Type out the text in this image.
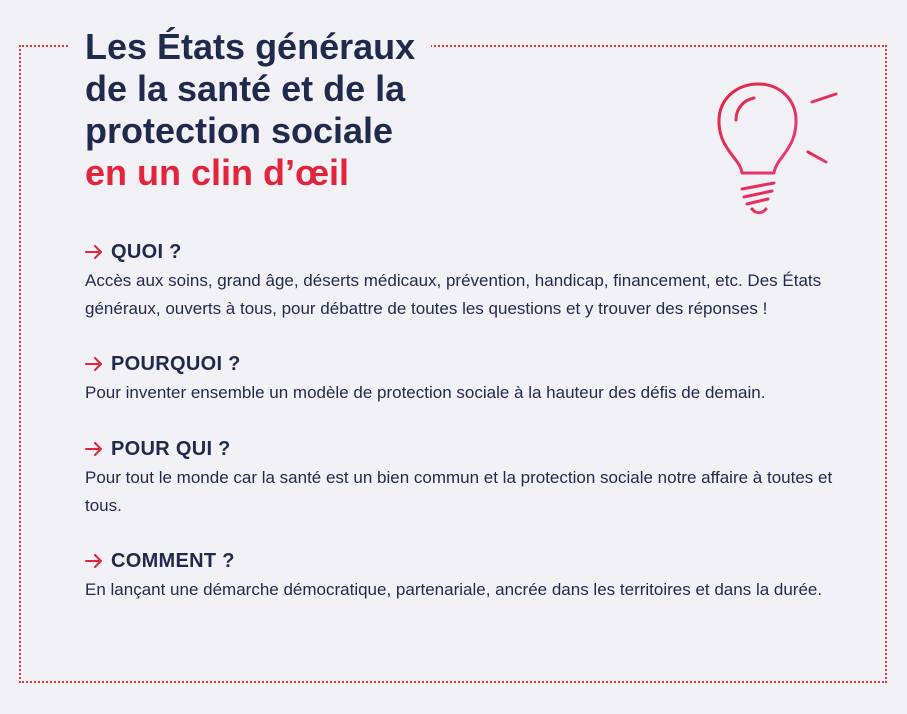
Les États généraux
de la santé et de la
protection sociale
en un clin d’œil
QUOI ?
Accès aux soins, grand âge, déserts médicaux, prévention, handicap, financement, etc. Des États généraux, ouverts à tous, pour débattre de toutes les questions et y trouver des réponses !
POURQUOI ?
Pour inventer ensemble un modèle de protection sociale à la hauteur des défis de demain.
POUR QUI ?
Pour tout le monde car la santé est un bien commun et la protection sociale notre affaire à toutes et tous.
COMMENT ?
En lançant une démarche démocratique, partenariale, ancrée dans les territoires et dans la durée.
